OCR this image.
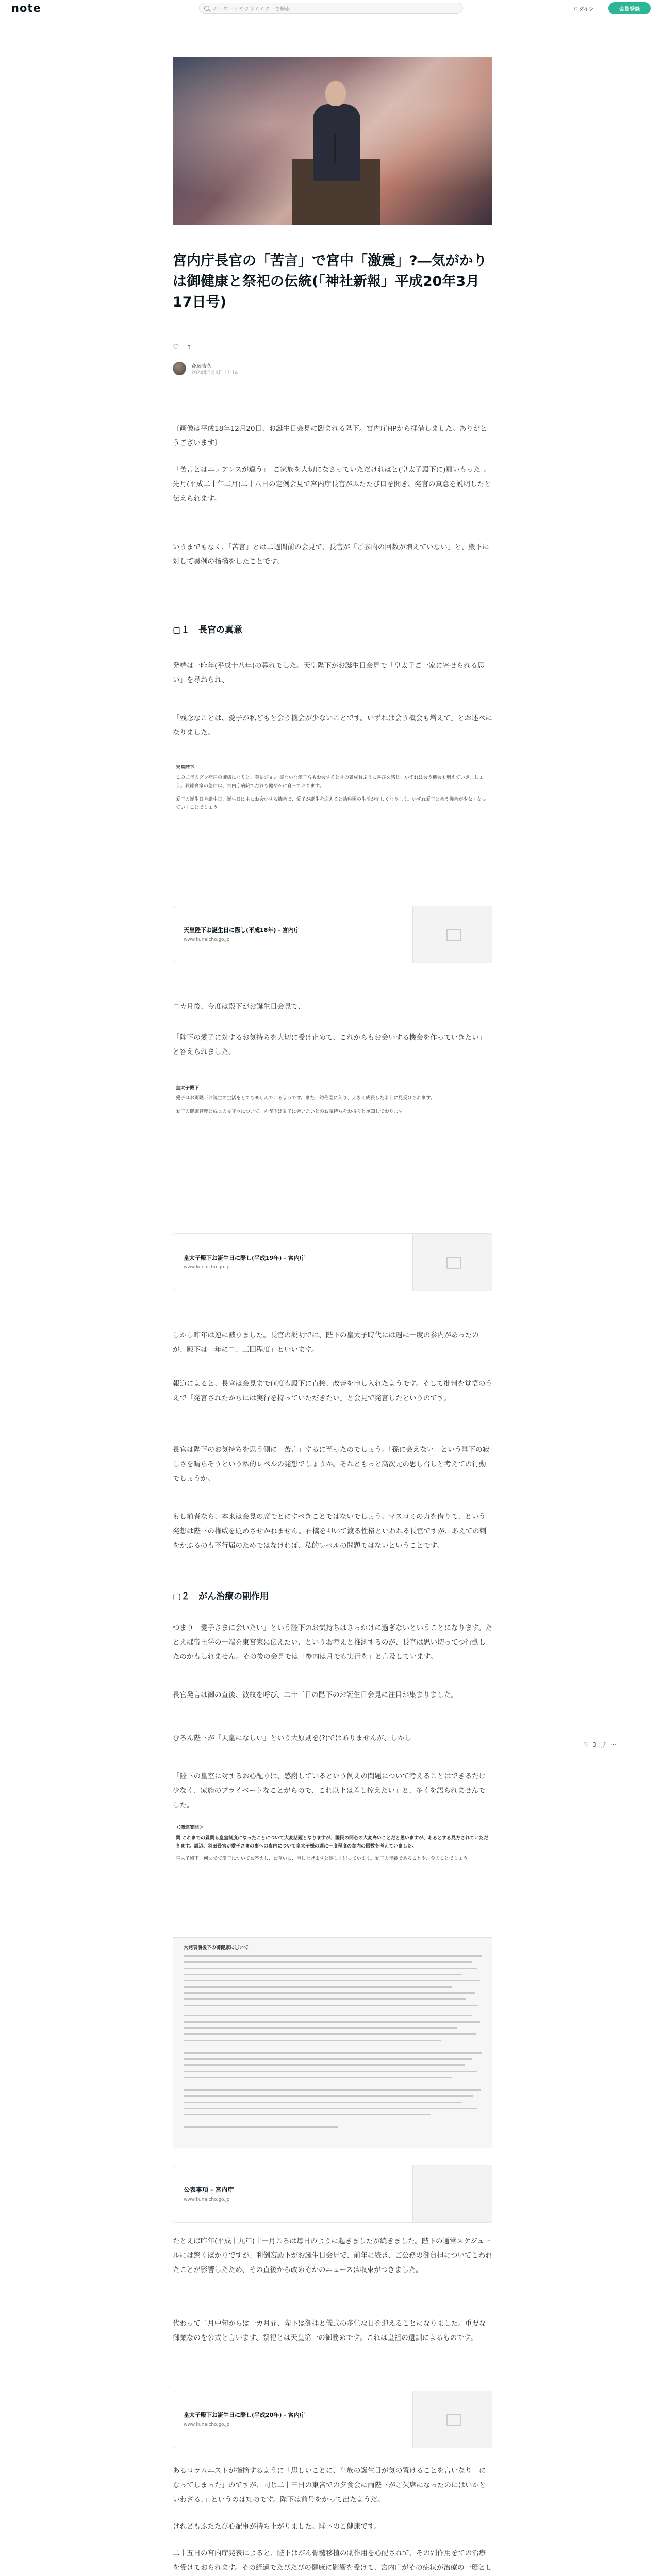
note	キーワードやクリエイターで検索	ログイン	会員登録
宮内庁長官の「苦言」で宮中「激震」?―気がかりは御健康と祭祀の伝統(「神社新報」平成20年3月17日号)
♡ 3
斎藤吉久
2024年3月9日 11:14

〔画像は平成18年12月20日、お誕生日会見に臨まれる陛下。宮内庁HPから拝借しました。ありがとうございます〕

「苦言とはニュアンスが違う」「ご家族を大切になさっていただければと(皇太子殿下に)願いもった」。先月(平成二十年二月)二十八日の定例会見で宮内庁長官がふたたび口を開き、発言の真意を説明したと伝えられます。

いうまでもなく、「苦言」とは二週間前の会見で、長官が「ご参内の回数が増えていない」と、殿下に対して異例の指摘をしたことです。

▢１　長官の真意

発端は一昨年(平成十八年)の暮れでした。天皇陛下がお誕生日会見で「皇太子ご一家に寄せられる思い」を尋ねられ、

「残念なことは、愛子が私どもと会う機会が少ないことです。いずれは会う機会も増えて」とお述べになりました。

天皇陛下
この二年のダン疗戸の御様になりと、英語ジョン 実ないな愛子らもお会するときの御成長ぶりに喜びを感じ、いずれは会う機会も増えていきましょう。秋篠宮家の悠仁は、宮内庁病院でだれも健やかに育っております。
愛子の誕生日や誕生日、誕生日は主にお会いする機会で、愛子が誕生を迎えると幼稚園の生活が忙しくなります。いずれ愛子と会う機会が少なくなっていくことでしょう。
天皇陛下お誕生日に際し(平成18年) - 宮内庁
www.kunaicho.go.jp

二カ月後、今度は殿下がお誕生日会見で、

「陛下の愛子に対するお気持ちを大切に受け止めて、これからもお会いする機会を作っていきたい」と答えられました。

皇太子殿下
愛子はお両陛下お誕生の生活をとても楽しんでいるようです。また、幼稚園に入り、大きく成長したように見受けられます。
愛子の健康管理と成長の見守りについて、両陛下は愛子に会いたいとのお気持ちをお持ちと承知しております。
皇太子殿下お誕生日に際し(平成19年) - 宮内庁
www.kunaicho.go.jp

しかし昨年は逆に減りました。長官の説明では、陛下の皇太子時代には週に一度の参内があったのが、殿下は「年に二、三回程度」といいます。

報道によると、長官は会見まで何度も殿下に直接、改善を申し入れたようです。そして批判を覚悟のうえで「発言されたからには実行を持っていただきたい」と会見で発言したというのです。

長官は陛下のお気持ちを思う側に「苦言」するに至ったのでしょう。「孫に会えない」という陛下の寂しさを晴らそうという私的レベルの発想でしょうか。それともっと高次元の思し召しと考えての行動でしょうか。

もし前者なら、本来は会見の席でとにすべきことではないでしょう。マスコミの力を借りて、という発想は陛下の権威を貶めさせかねません。石橋を叩いて渡る性格といわれる長官ですが、あえての刺をかぶるのも不行届のためではなければ、私的レベルの問題ではないということです。

▢２　がん治療の副作用

つまり「愛子さまに会いたい」という陛下のお気持ちはさっかけに過ぎないということになります。たとえば帝王学の一端を東宮家に伝えたい、というお考えと推測するのが、長官は思い切ってつ行動したのかもしれません。その後の会見では「参内は月でも実行を」と言及しています。

長官発言は御の直後、波紋を呼び、二十三日の陛下のお誕生日会見に注目が集まりました。

むろん陛下が「天皇になしい」という大原則を(?)ではありませんが、しかし

「陛下の皇室に対するお心配りは、感謝しているという例えの問題について考えることはできるだけ少なく、家族のプライベートなことがらので、これ以上は差し控えたい」と、多くを語られませんでした。

＜関連質問＞
問 これまでの質問も皇室制度になったことについて大変話題となりますが、国民の間心の大変高いことだと思いますが、あるとする見方されていただきます。周辺、羽田長官が愛子さまの事への参内について皇太子様の週に一度程度の参内の回数を考えていました。
皇太子殿下　何回でて愛子についてお答えし、お互いに、申し上げますと嬉しく思っています。愛子の年齢であることや、今のことでしょう。
大発表前後下の御健康に〇いて
公表事項 - 宮内庁
www.kunaicho.go.jp

たとえば昨年(平成十九年)十一月ころは毎日のように起きましたが続きました。陛下の通常スケジュールには驚くばかりですが、利倒宮殿下がお誕生日会見で、前年に続き、ご公務の御負担についてこわれたことが影響したため、その直後から改めそかのニュースは収束がつきました。

代わって二月中旬からは一カ月間、陛下は御拝と儀式の多忙な日を迎えることになりました。重要な御業なのを公式と言います、祭祀とは天皇第一の御務めです。これは皇祖の遺訓によるものです。

皇太子殿下お誕生日に際し(平成20年) - 宮内庁
www.kunaicho.go.jp

あるコラムニストが指摘するように「思しいことに、皇族の誕生日が気の置けることを言いなり」になってしまった」のですが、同じ二十三日の東宮での夕食会に両陛下がご欠席になったのにはいかといわざる、」というのは知のです。陛下は前号をかって出たようだ。

けれどもふたたび心配事が持ち上がりました。陛下のご健康です。

二十五日の宮内庁発表によると、陛下はがん骨髄移植の副作用を心配されて、その副作用をての治療を受けておられます。その経過でたびたびの健康に影響を受けて、宮内庁がその症状が治療の一環とし

♡ 3 ⤴ ⋯
